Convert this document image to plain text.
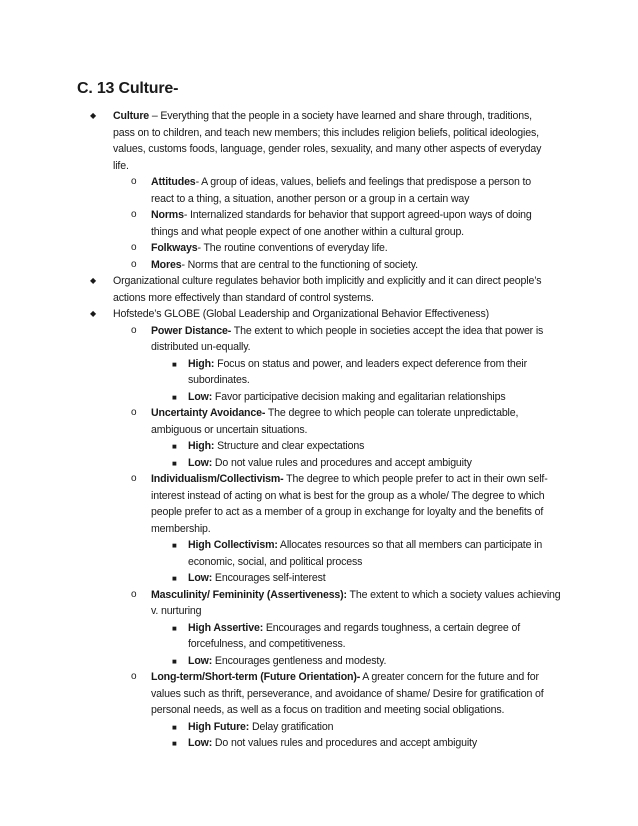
C. 13 Culture-
◆ Culture – Everything that the people in a society have learned and share through, traditions,
pass on to children, and teach new members; this includes religion beliefs, political ideologies,
values, customs foods, language, gender roles, sexuality, and many other aspects of everyday
life.
o Attitudes- A group of ideas, values, beliefs and feelings that predispose a person to
react to a thing, a situation, another person or a group in a certain way
o Norms- Internalized standards for behavior that support agreed-upon ways of doing
things and what people expect of one another within a cultural group.
o Folkways- The routine conventions of everyday life.
o Mores- Norms that are central to the functioning of society.
◆ Organizational culture regulates behavior both implicitly and explicitly and it can direct people’s
actions more effectively than standard of control systems.
◆ Hofstede’s GLOBE (Global Leadership and Organizational Behavior Effectiveness)
o Power Distance- The extent to which people in societies accept the idea that power is
distributed un-equally.
■ High: Focus on status and power, and leaders expect deference from their
subordinates.
■ Low: Favor participative decision making and egalitarian relationships
o Uncertainty Avoidance- The degree to which people can tolerate unpredictable,
ambiguous or uncertain situations.
■ High: Structure and clear expectations
■ Low: Do not value rules and procedures and accept ambiguity
o Individualism/Collectivism- The degree to which people prefer to act in their own self-
interest instead of acting on what is best for the group as a whole/ The degree to which
people prefer to act as a member of a group in exchange for loyalty and the benefits of
membership.
■ High Collectivism: Allocates resources so that all members can participate in
economic, social, and political process
■ Low: Encourages self-interest
o Masculinity/ Femininity (Assertiveness): The extent to which a society values achieving
v. nurturing
■ High Assertive: Encourages and regards toughness, a certain degree of
forcefulness, and competitiveness.
■ Low: Encourages gentleness and modesty.
o Long-term/Short-term (Future Orientation)- A greater concern for the future and for
values such as thrift, perseverance, and avoidance of shame/ Desire for gratification of
personal needs, as well as a focus on tradition and meeting social obligations.
■ High Future: Delay gratification
■ Low: Do not values rules and procedures and accept ambiguity
